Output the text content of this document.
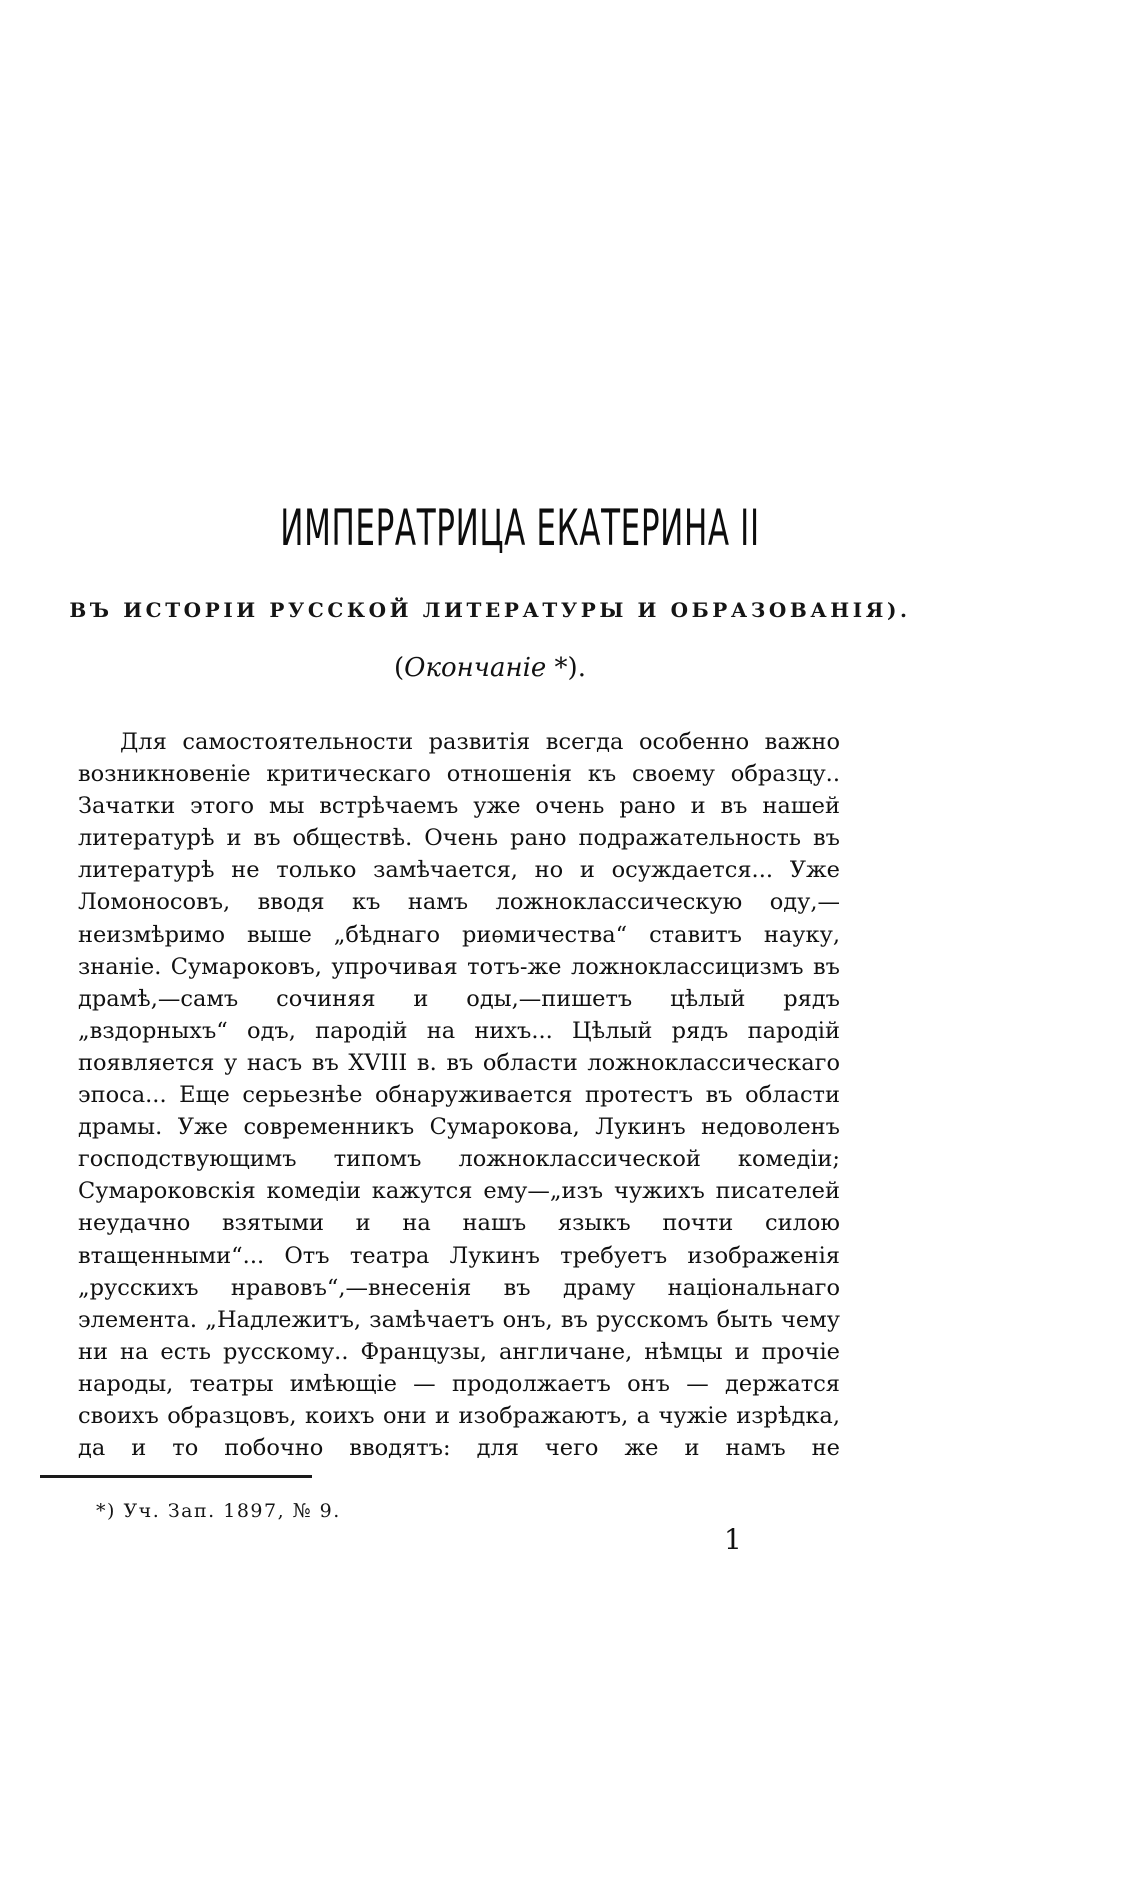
ИМПЕРАТРИЦА ЕКАТЕРИНА II
ВЪ ИСТОРІИ РУССКОЙ ЛИТЕРАТУРЫ И ОБРАЗОВАНІЯ).
(Окончаніе *).

Для самостоятельности развитія всегда особенно важно возникновеніе критическаго отношенія къ своему образцу.. Зачатки этого мы встрѣчаемъ уже очень рано и въ нашей литературѣ и въ обществѣ. Очень рано подражательность въ литературѣ не только замѣчается, но и осуждается... Уже Ломоносовъ, вводя къ намъ ложноклассическую оду,—неизмѣримо выше „бѣднаго риѳмичества“ ставитъ науку, знаніе. Сумароковъ, упрочивая тотъ-же ложноклассицизмъ въ драмѣ,—самъ сочиняя и оды,—пишетъ цѣлый рядъ „вздорныхъ“ одъ, пародій на нихъ... Цѣлый рядъ пародій появляется у насъ въ XVIII в. въ области ложноклассическаго эпоса... Еще серьезнѣе обнаруживается протестъ въ области драмы. Уже современникъ Сумарокова, Лукинъ недоволенъ господствующимъ типомъ ложноклассической комедіи; Сумароковскія комедіи кажутся ему—„изъ чужихъ писателей неудачно взятыми и на нашъ языкъ почти силою втащенными“... Отъ театра Лукинъ требуетъ изображенія „русскихъ нравовъ“,—внесенія въ драму національнаго элемента. „Надлежитъ, замѣчаетъ онъ, въ русскомъ быть чему ни на есть русскому.. Французы, англичане, нѣмцы и прочіе народы, театры имѣющіе — продолжаетъ онъ — держатся своихъ образцовъ, коихъ они и изображаютъ, а чужіе изрѣдка, да и то побочно вводятъ: для чего же и намъ не

*) Уч. Зап. 1897, № 9.
1
